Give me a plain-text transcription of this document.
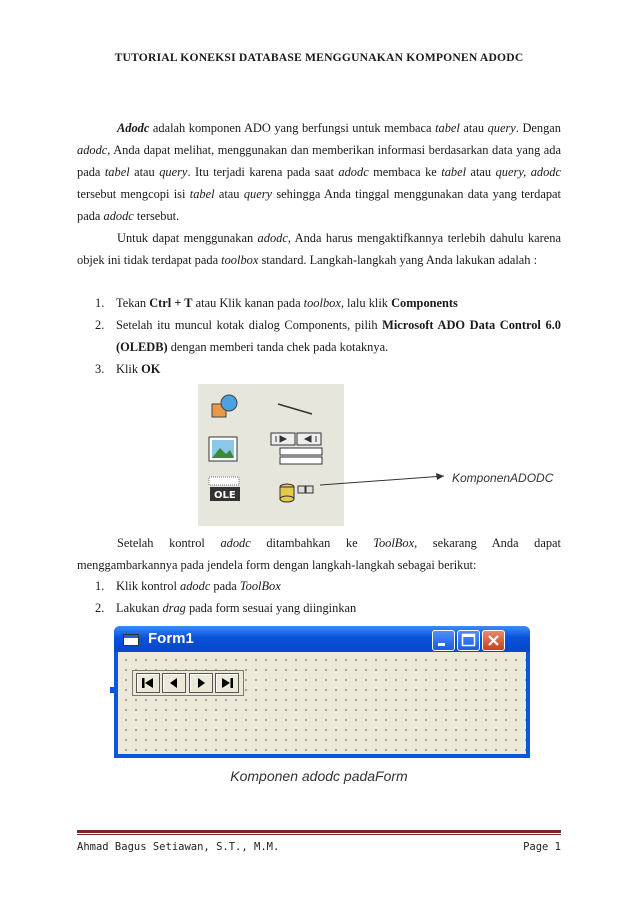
TUTORIAL KONEKSI DATABASE MENGGUNAKAN KOMPONEN ADODC

Adodc adalah komponen ADO yang berfungsi untuk membaca tabel atau query. Dengan adodc, Anda dapat melihat, menggunakan dan memberikan informasi berdasarkan data yang ada pada tabel atau query. Itu terjadi karena pada saat adodc membaca ke tabel atau query, adodc tersebut mengcopi isi tabel atau query sehingga Anda tinggal menggunakan data yang terdapat pada adodc tersebut.

Untuk dapat menggunakan adodc, Anda harus mengaktifkannya terlebih dahulu karena objek ini tidak terdapat pada toolbox standard. Langkah-langkah yang Anda lakukan adalah :

1. Tekan Ctrl + T atau Klik kanan pada toolbox, lalu klik Components
2. Setelah itu muncul kotak dialog Components, pilih Microsoft ADO Data Control 6.0 (OLEDB) dengan memberi tanda chek pada kotaknya.
3. Klik OK
OLE
KomponenADODC

Setelah kontrol adodc ditambahkan ke ToolBox, sekarang Anda dapat menggambarkannya pada jendela form dengan langkah-langkah sebagai berikut:

1. Klik kontrol adodc pada ToolBox
2. Lakukan drag pada form sesuai yang diinginkan
Form1
Komponen adodc padaForm
Ahmad Bagus Setiawan, S.T., M.M.	Page 1
